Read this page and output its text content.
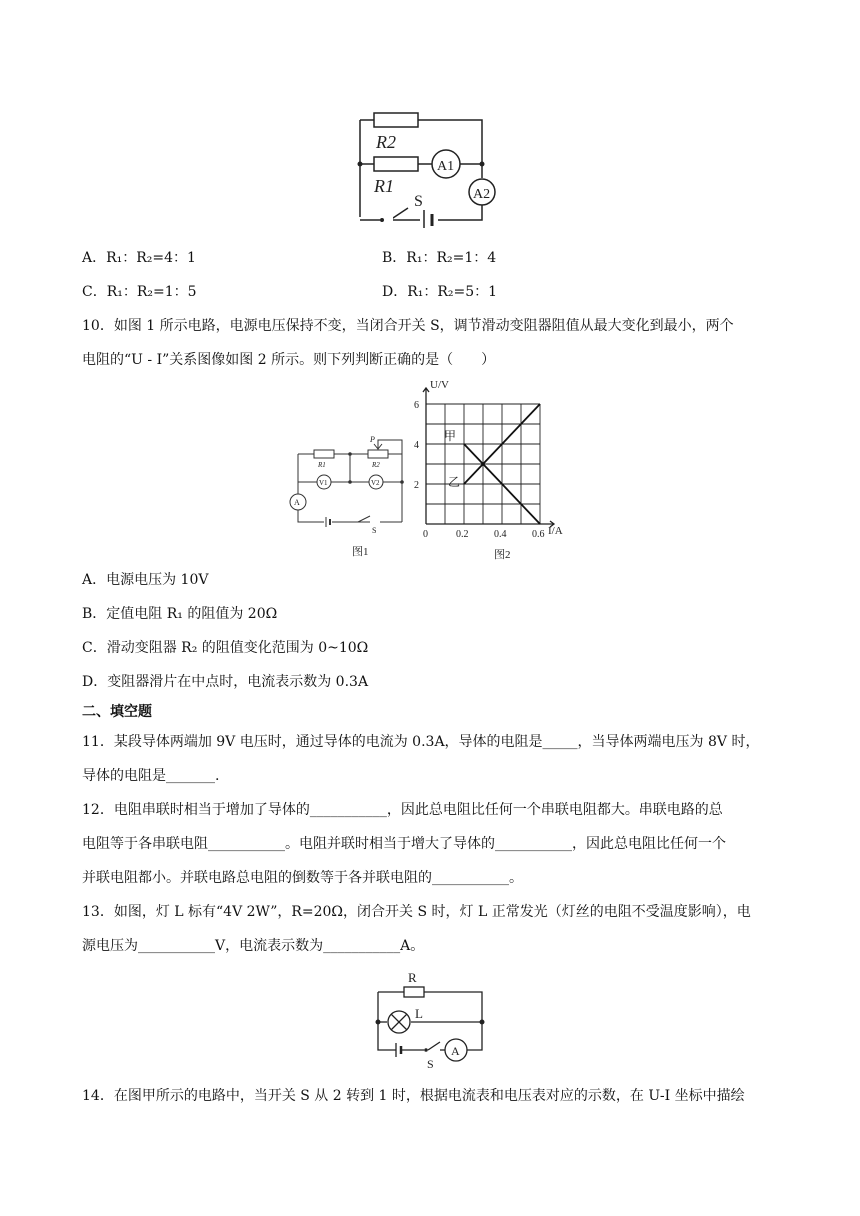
R2
R1
A1
A2
S
A．R₁：R₂=4：1	B．R₁：R₂=1：4
C．R₁：R₂=1：5	D．R₁：R₂=5：1
10．如图 1 所示电路，电源电压保持不变，当闭合开关 S，调节滑动变阻器阻值从最大变化到最小，两个
电阻的“U - I”关系图像如图 2 所示。则下列判断正确的是（　　）
R1	R2
P
V1	V2
A
S
图1
0	0.2	0.4	0.6
2
4
6
U/V
I/A
甲
乙
图2
A．电源电压为 10V
B．定值电阻 R₁ 的阻值为 20Ω
C．滑动变阻器 R₂ 的阻值变化范围为 0~10Ω
D．变阻器滑片在中点时，电流表示数为 0.3A
二、填空题
11．某段导体两端加 9V 电压时，通过导体的电流为 0.3A，导体的电阻是_____，当导体两端电压为 8V 时，
导体的电阻是_______.
12．电阻串联时相当于增加了导体的___________，因此总电阻比任何一个串联电阻都大。串联电路的总
电阻等于各串联电阻___________。电阻并联时相当于增大了导体的___________，因此总电阻比任何一个
并联电阻都小。并联电路总电阻的倒数等于各并联电阻的___________。
13．如图，灯 L 标有“4V 2W”，R=20Ω，闭合开关 S 时，灯 L 正常发光（灯丝的电阻不受温度影响），电
源电压为___________V，电流表示数为___________A。
R
L
A
S
14．在图甲所示的电路中，当开关 S 从 2 转到 1 时，根据电流表和电压表对应的示数，在 U-I 坐标中描绘
